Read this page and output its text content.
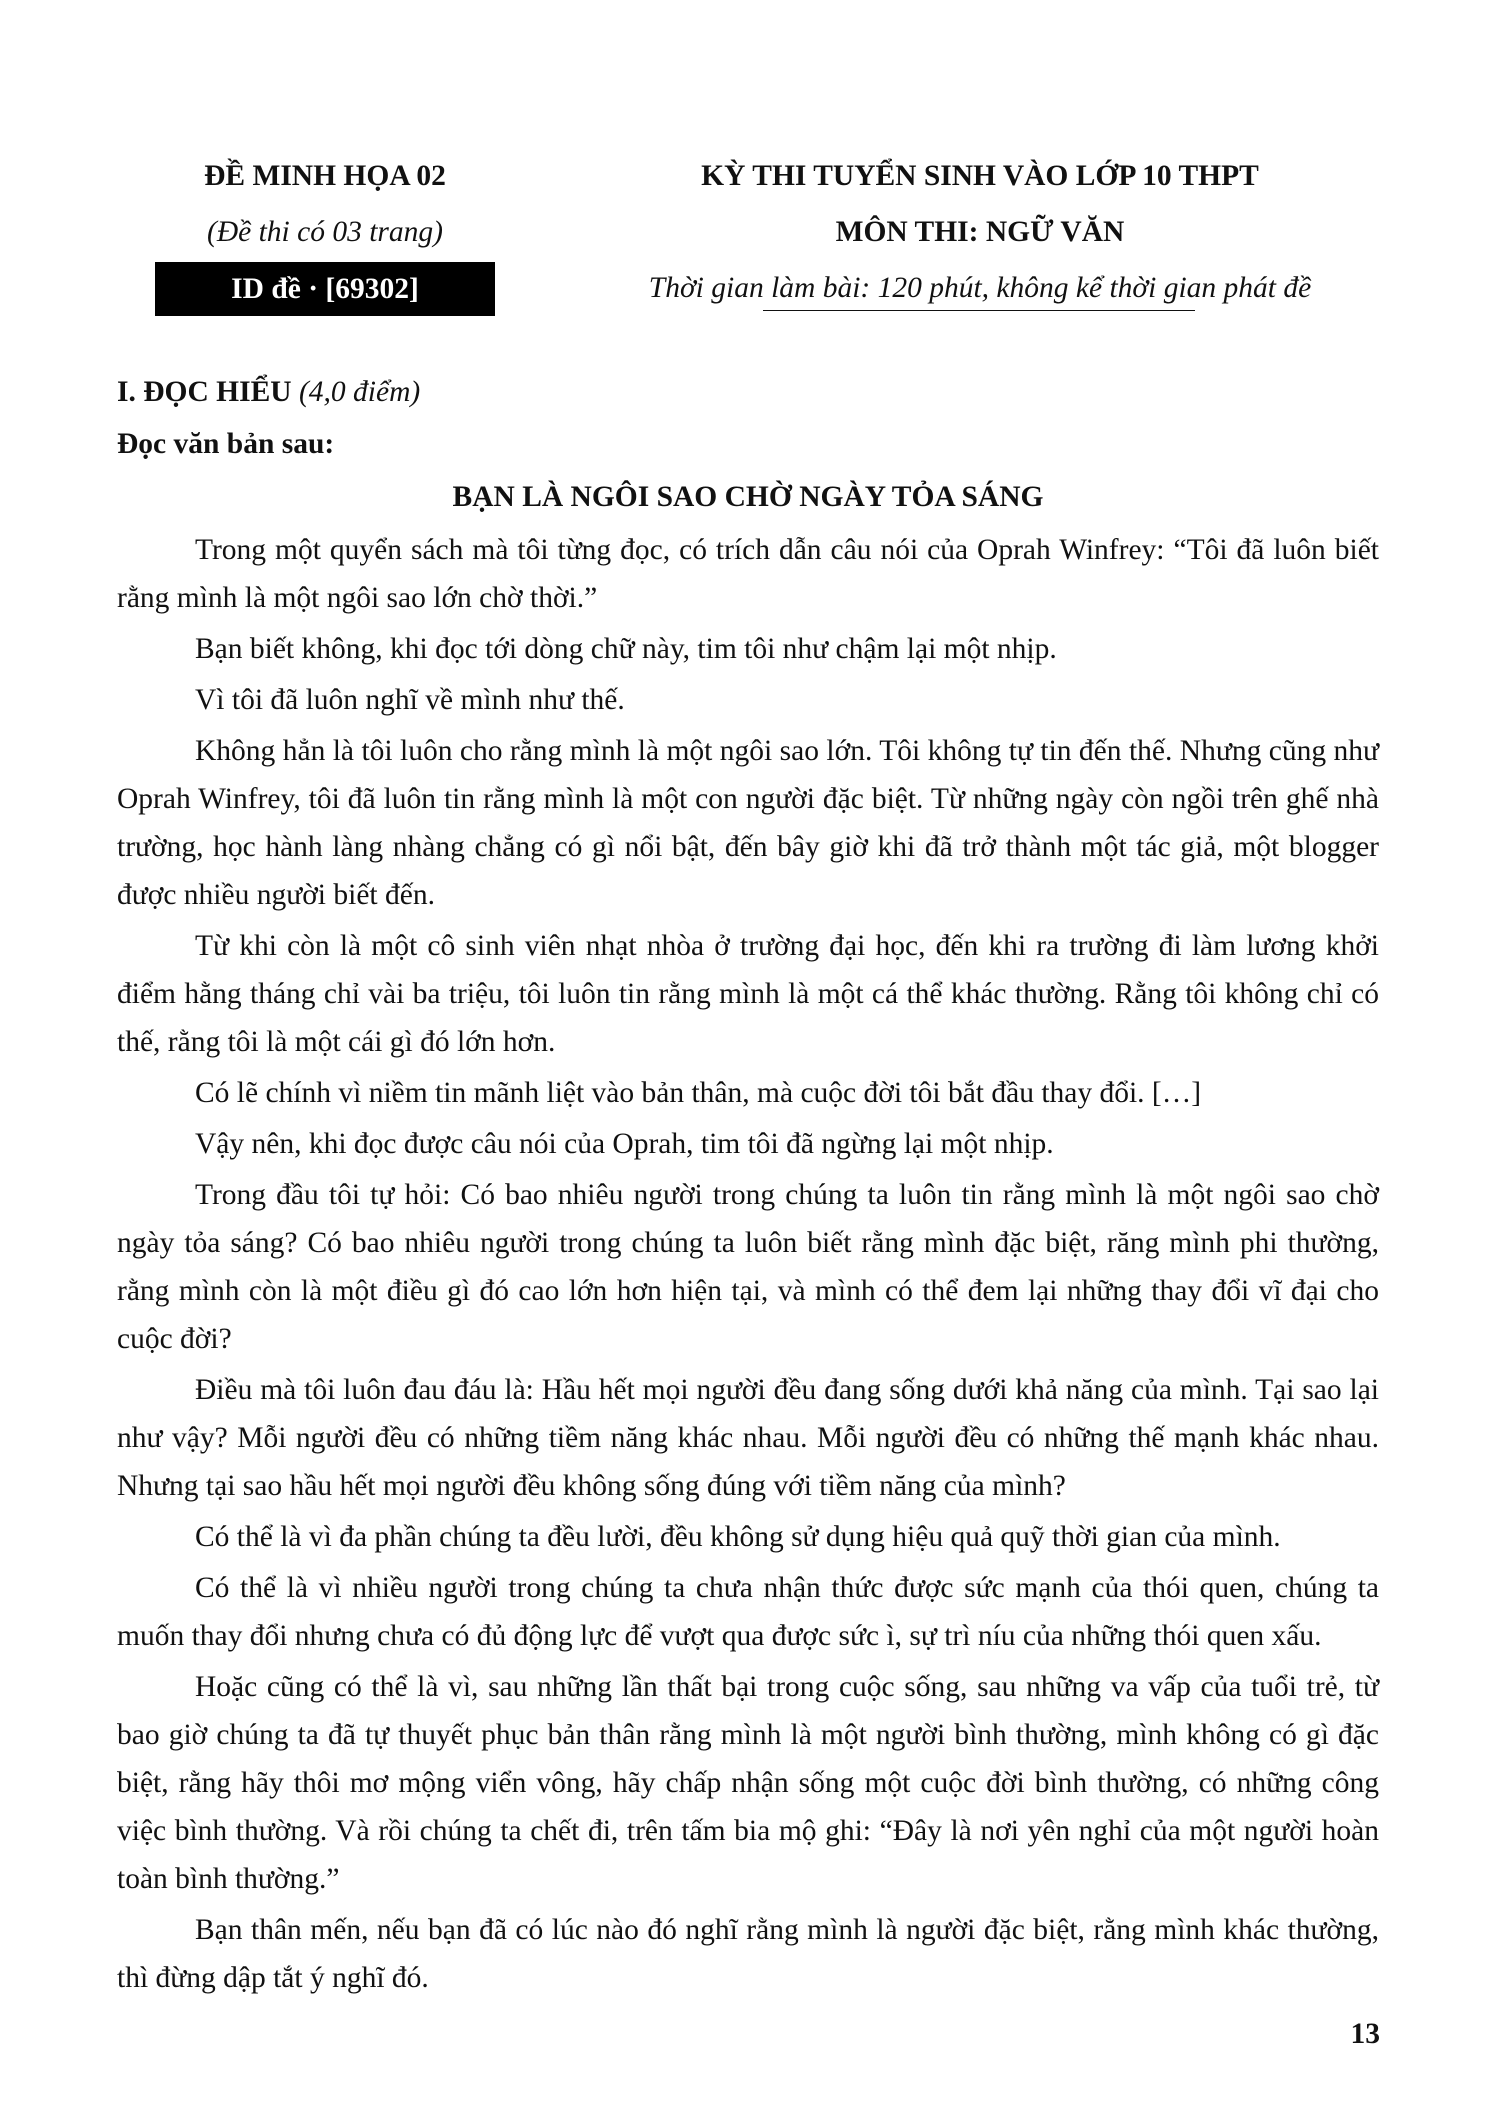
ĐỀ MINH HỌA 02
(Đề thi có 03 trang)
ID đề · [69302]
KỲ THI TUYỂN SINH VÀO LỚP 10 THPT
MÔN THI: NGỮ VĂN
Thời gian làm bài: 120 phút, không kể thời gian phát đề
I. ĐỌC HIỂU (4,0 điểm)
Đọc văn bản sau:
BẠN LÀ NGÔI SAO CHỜ NGÀY TỎA SÁNG

Trong một quyển sách mà tôi từng đọc, có trích dẫn câu nói của Oprah Winfrey: “Tôi đã luôn biết rằng mình là một ngôi sao lớn chờ thời.”

Bạn biết không, khi đọc tới dòng chữ này, tim tôi như chậm lại một nhịp.

Vì tôi đã luôn nghĩ về mình như thế.

Không hẳn là tôi luôn cho rằng mình là một ngôi sao lớn. Tôi không tự tin đến thế. Nhưng cũng như Oprah Winfrey, tôi đã luôn tin rằng mình là một con người đặc biệt. Từ những ngày còn ngồi trên ghế nhà trường, học hành làng nhàng chẳng có gì nổi bật, đến bây giờ khi đã trở thành một tác giả, một blogger được nhiều người biết đến.

Từ khi còn là một cô sinh viên nhạt nhòa ở trường đại học, đến khi ra trường đi làm lương khởi điểm hằng tháng chỉ vài ba triệu, tôi luôn tin rằng mình là một cá thể khác thường. Rằng tôi không chỉ có thế, rằng tôi là một cái gì đó lớn hơn.

Có lẽ chính vì niềm tin mãnh liệt vào bản thân, mà cuộc đời tôi bắt đầu thay đổi. […]

Vậy nên, khi đọc được câu nói của Oprah, tim tôi đã ngừng lại một nhịp.

Trong đầu tôi tự hỏi: Có bao nhiêu người trong chúng ta luôn tin rằng mình là một ngôi sao chờ ngày tỏa sáng? Có bao nhiêu người trong chúng ta luôn biết rằng mình đặc biệt, răng mình phi thường, rằng mình còn là một điều gì đó cao lớn hơn hiện tại, và mình có thể đem lại những thay đổi vĩ đại cho cuộc đời?

Điều mà tôi luôn đau đáu là: Hầu hết mọi người đều đang sống dưới khả năng của mình. Tại sao lại như vậy? Mỗi người đều có những tiềm năng khác nhau. Mỗi người đều có những thế mạnh khác nhau. Nhưng tại sao hầu hết mọi người đều không sống đúng với tiềm năng của mình?

Có thể là vì đa phần chúng ta đều lười, đều không sử dụng hiệu quả quỹ thời gian của mình.

Có thể là vì nhiều người trong chúng ta chưa nhận thức được sức mạnh của thói quen, chúng ta muốn thay đổi nhưng chưa có đủ động lực để vượt qua được sức ì, sự trì níu của những thói quen xấu.

Hoặc cũng có thể là vì, sau những lần thất bại trong cuộc sống, sau những va vấp của tuổi trẻ, từ bao giờ chúng ta đã tự thuyết phục bản thân rằng mình là một người bình thường, mình không có gì đặc biệt, rằng hãy thôi mơ mộng viển vông, hãy chấp nhận sống một cuộc đời bình thường, có những công việc bình thường. Và rồi chúng ta chết đi, trên tấm bia mộ ghi: “Đây là nơi yên nghỉ của một người hoàn toàn bình thường.”

Bạn thân mến, nếu bạn đã có lúc nào đó nghĩ rằng mình là người đặc biệt, rằng mình khác thường, thì đừng dập tắt ý nghĩ đó.

13
